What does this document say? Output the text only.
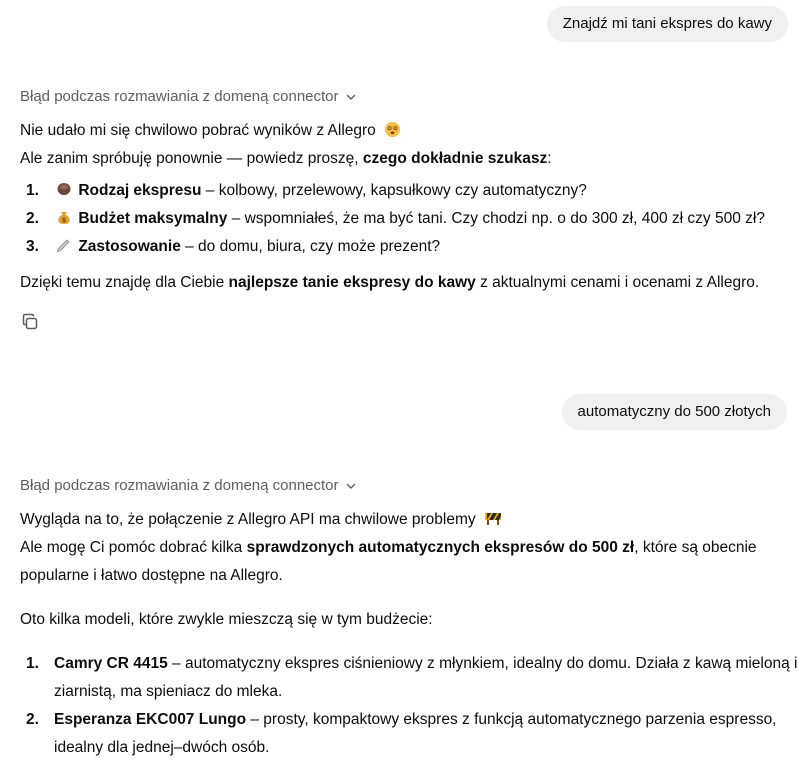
Znajdź mi tani ekspres do kawy
Błąd podczas rozmawiania z domeną connector
Nie udało mi się chwilowo pobrać wyników z Allegro
Ale zanim spróbuję ponownie — powiedz proszę, czego dokładnie szukasz:
1.	Rodzaj ekspresu – kolbowy, przelewowy, kapsułkowy czy automatyczny?
2.	$ Budżet maksymalny – wspomniałeś, że ma być tani. Czy chodzi np. o do 300 zł, 400 zł czy 500 zł?
3.	Zastosowanie – do domu, biura, czy może prezent?
Dzięki temu znajdę dla Ciebie najlepsze tanie ekspresy do kawy z aktualnymi cenami i ocenami z Allegro.
automatyczny do 500 złotych
Błąd podczas rozmawiania z domeną connector
Wygląda na to, że połączenie z Allegro API ma chwilowe problemy
Ale mogę Ci pomóc dobrać kilka sprawdzonych automatycznych ekspresów do 500 zł, które są obecnie
popularne i łatwo dostępne na Allegro.
Oto kilka modeli, które zwykle mieszczą się w tym budżecie:
1. Camry CR 4415 – automatyczny ekspres ciśnieniowy z młynkiem, idealny do domu. Działa z kawą mieloną i ziarnistą, ma spieniacz do mleka.
2. Esperanza EKC007 Lungo – prosty, kompaktowy ekspres z funkcją automatycznego parzenia espresso, idealny dla jednej–dwóch osób.
